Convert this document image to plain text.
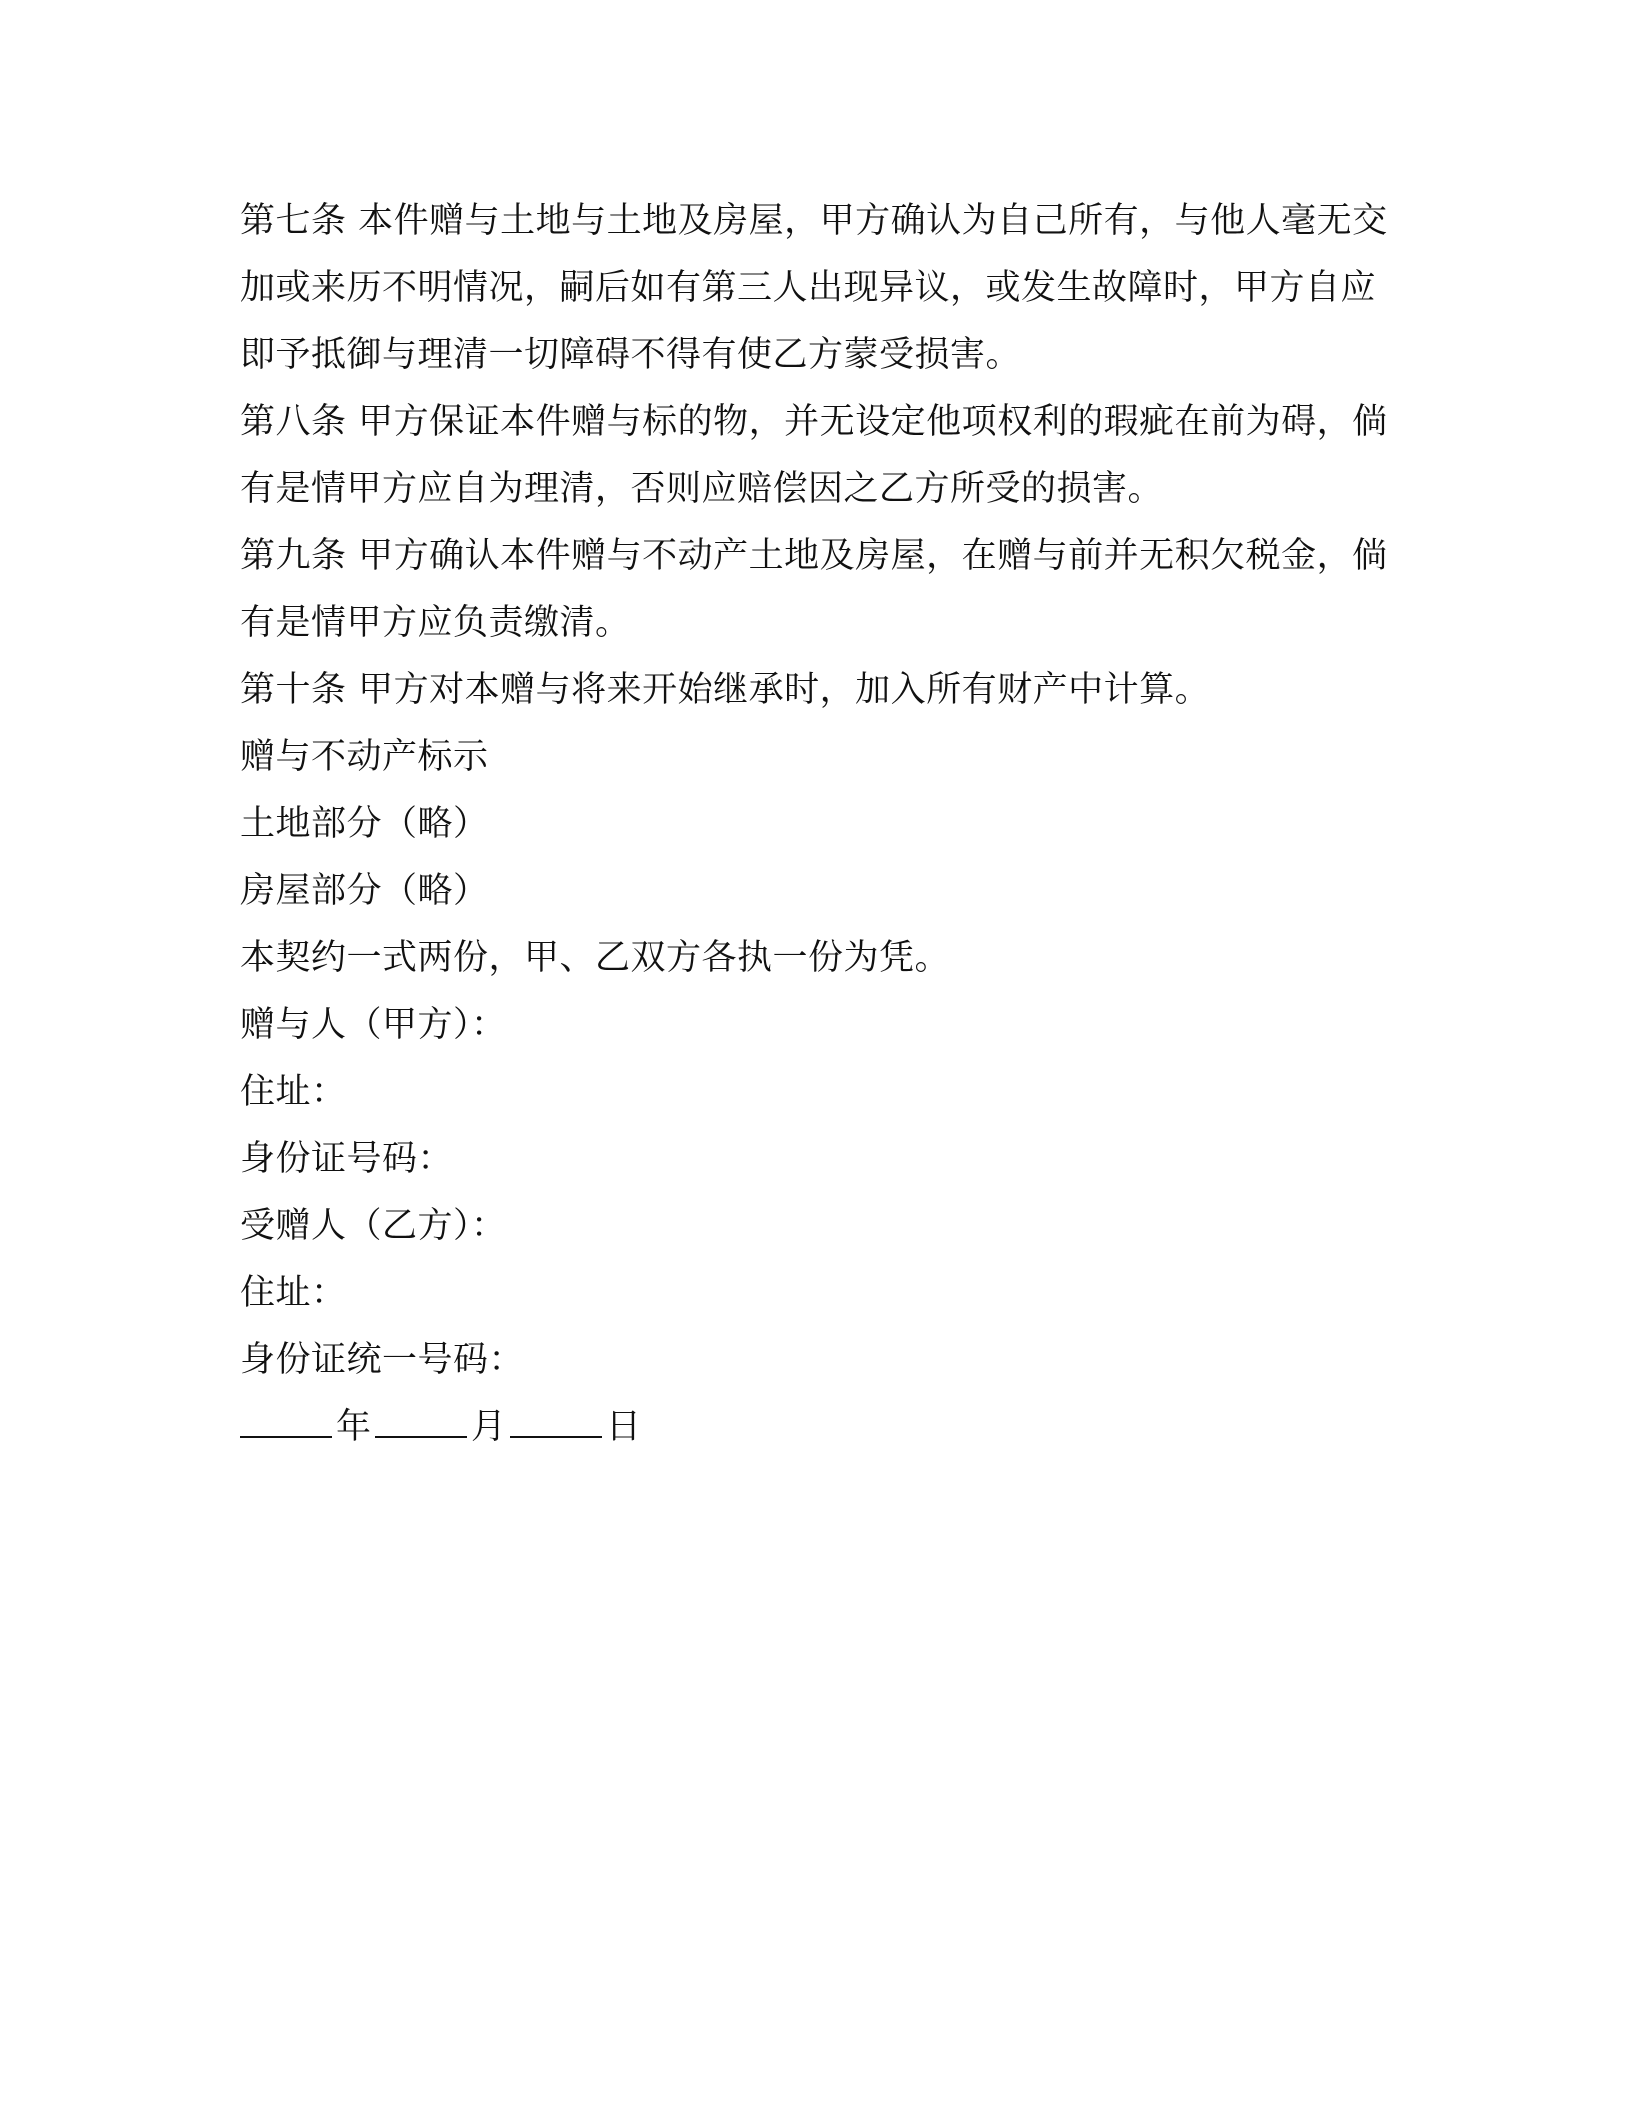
第七条 本件赠与土地与土地及房屋，甲方确认为自己所有，与他人毫无交加或来历不明情况，嗣后如有第三人出现异议，或发生故障时，甲方自应即予抵御与理清一切障碍不得有使乙方蒙受损害。

第八条 甲方保证本件赠与标的物，并无设定他项权利的瑕疵在前为碍，倘有是情甲方应自为理清，否则应赔偿因之乙方所受的损害。

第九条 甲方确认本件赠与不动产土地及房屋，在赠与前并无积欠税金，倘有是情甲方应负责缴清。

第十条 甲方对本赠与将来开始继承时，加入所有财产中计算。

赠与不动产标示

土地部分（略）

房屋部分（略）

本契约一式两份，甲、乙双方各执一份为凭。

赠与人（甲方）：

住址：

身份证号码：

受赠人（乙方）：

住址：

身份证统一号码：

年	月	日
